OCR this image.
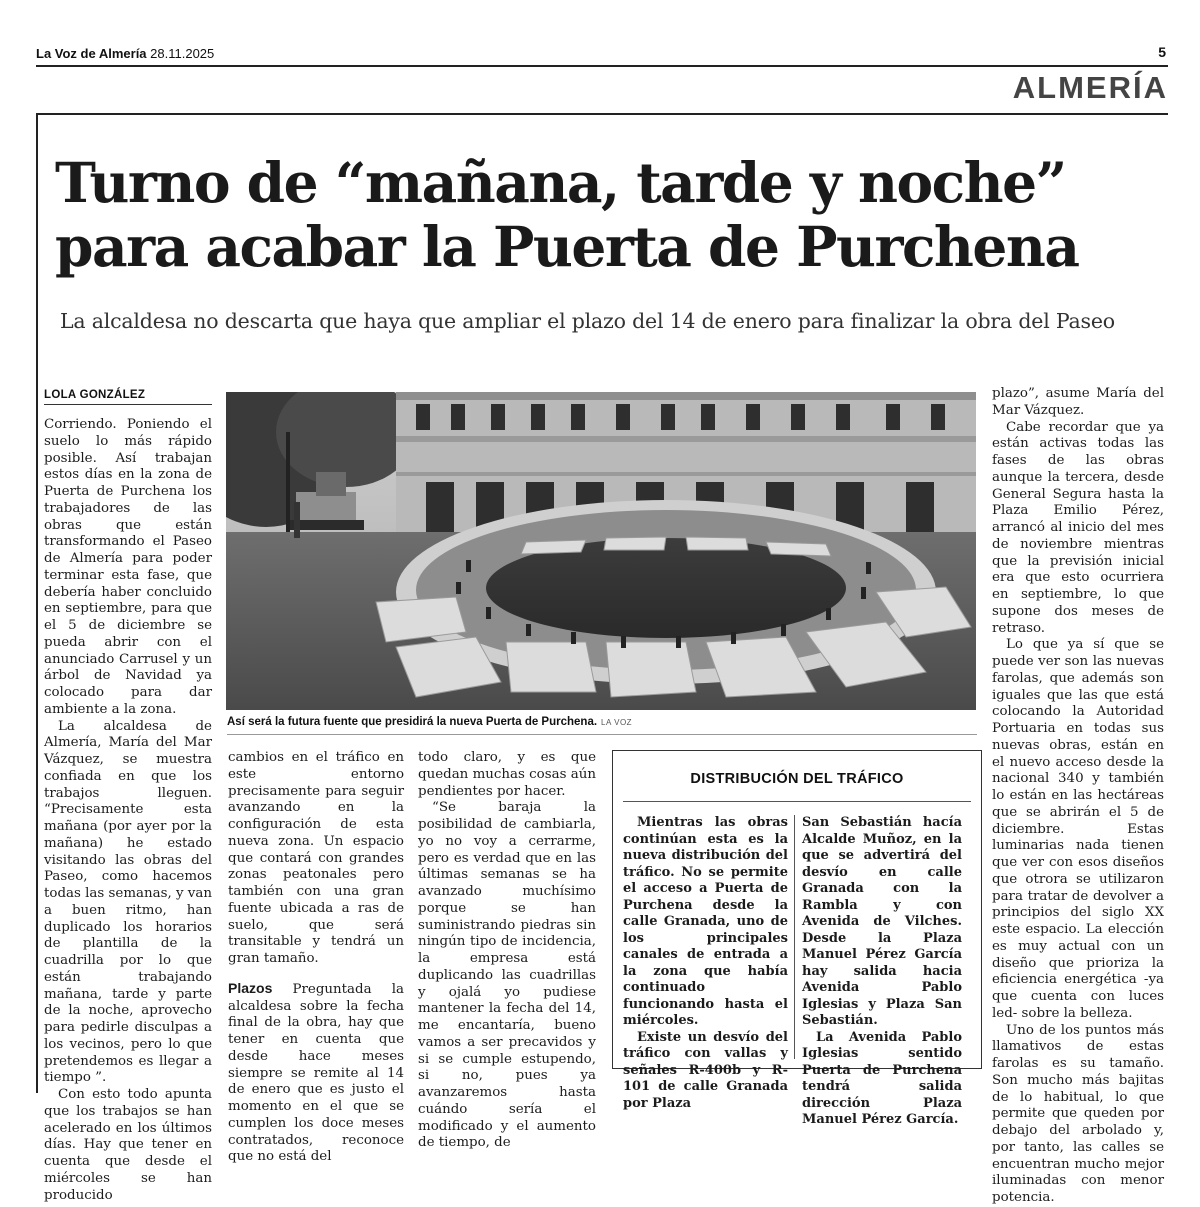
La Voz de Almería 28.11.2025	5
ALMERÍA
Turno de “mañana, tarde y noche”
para acabar la Puerta de Purchena
La alcaldesa no descarta que haya que ampliar el plazo del 14 de enero para finalizar la obra del Paseo
LOLA GONZÁLEZ

Corriendo. Poniendo el suelo lo más rápido posible. Así trabajan estos días en la zona de Puerta de Purchena los trabajadores de las obras que están transformando el Paseo de Almería para poder terminar esta fase, que debería haber concluido en septiembre, para que el 5 de diciembre se pueda abrir con el anunciado Carrusel y un árbol de Navidad ya colocado para dar ambiente a la zona.

La alcaldesa de Almería, María del Mar Vázquez, se muestra confiada en que los trabajos lleguen. “Precisamente esta mañana (por ayer por la mañana) he estado visitando las obras del Paseo, como hacemos todas las semanas, y van a buen ritmo, han duplicado los horarios de plantilla de la cuadrilla por lo que están trabajando mañana, tarde y parte de la noche, aprovecho para pedirle disculpas a los vecinos, pero lo que pretendemos es llegar a tiempo ”.

Con esto todo apunta que los trabajos se han acelerado en los últimos días. Hay que tener en cuenta que desde el miércoles se han producido

Así será la futura fuente que presidirá la nueva Puerta de Purchena. LA VOZ

cambios en el tráfico en este entorno precisamente para seguir avanzando en la configuración de esta nueva zona. Un espacio que contará con grandes zonas peatonales pero también con una gran fuente ubicada a ras de suelo, que será transitable y tendrá un gran tamaño.

Plazos Preguntada la alcaldesa sobre la fecha final de la obra, hay que tener en cuenta que desde hace meses siempre se remite al 14 de enero que es justo el momento en el que se cumplen los doce meses contratados, reconoce que no está del

todo claro, y es que quedan muchas cosas aún pendientes por hacer.

“Se baraja la posibilidad de cambiarla, yo no voy a cerrarme, pero es verdad que en las últimas semanas se ha avanzado muchísimo porque se han suministrando piedras sin ningún tipo de incidencia, la empresa está duplicando las cuadrillas y ojalá yo pudiese mantener la fecha del 14, me encantaría, bueno vamos a ser precavidos y si se cumple estupendo, si no, pues ya avanzaremos hasta cuándo sería el modificado y el aumento de tiempo, de

DISTRIBUCIÓN DEL TRÁFICO

Mientras las obras continúan esta es la nueva distribución del tráfico. No se permite el acceso a Puerta de Purchena desde la calle Granada, uno de los principales canales de entrada a la zona que había continuado funcionando hasta el miércoles.

Existe un desvío del tráfico con vallas y señales R-400b y R-101 de calle Granada por Plaza

San Sebastián hacía Alcalde Muñoz, en la que se advertirá del desvío en calle Granada con la Rambla y con Avenida de Vilches. Desde la Plaza Manuel Pérez García hay salida hacia Avenida Pablo Iglesias y Plaza San Sebastián.

La Avenida Pablo Iglesias sentido Puerta de Purchena tendrá salida dirección Plaza Manuel Pérez García.

plazo”, asume María del Mar Vázquez.

Cabe recordar que ya están activas todas las fases de las obras aunque la tercera, desde General Segura hasta la Plaza Emilio Pérez, arrancó al inicio del mes de noviembre mientras que la previsión inicial era que esto ocurriera en septiembre, lo que supone dos meses de retraso.

Lo que ya sí que se puede ver son las nuevas farolas, que además son iguales que las que está colocando la Autoridad Portuaria en todas sus nuevas obras, están en el nuevo acceso desde la nacional 340 y también lo están en las hectáreas que se abrirán el 5 de diciembre. Estas luminarias nada tienen que ver con esos diseños que otrora se utilizaron para tratar de devolver a principios del siglo XX este espacio. La elección es muy actual con un diseño que prioriza la eficiencia energética -ya que cuenta con luces led- sobre la belleza.

Uno de los puntos más llamativos de estas farolas es su tamaño. Son mucho más bajitas de lo habitual, lo que permite que queden por debajo del arbolado y, por tanto, las calles se encuentran mucho mejor iluminadas con menor potencia.
